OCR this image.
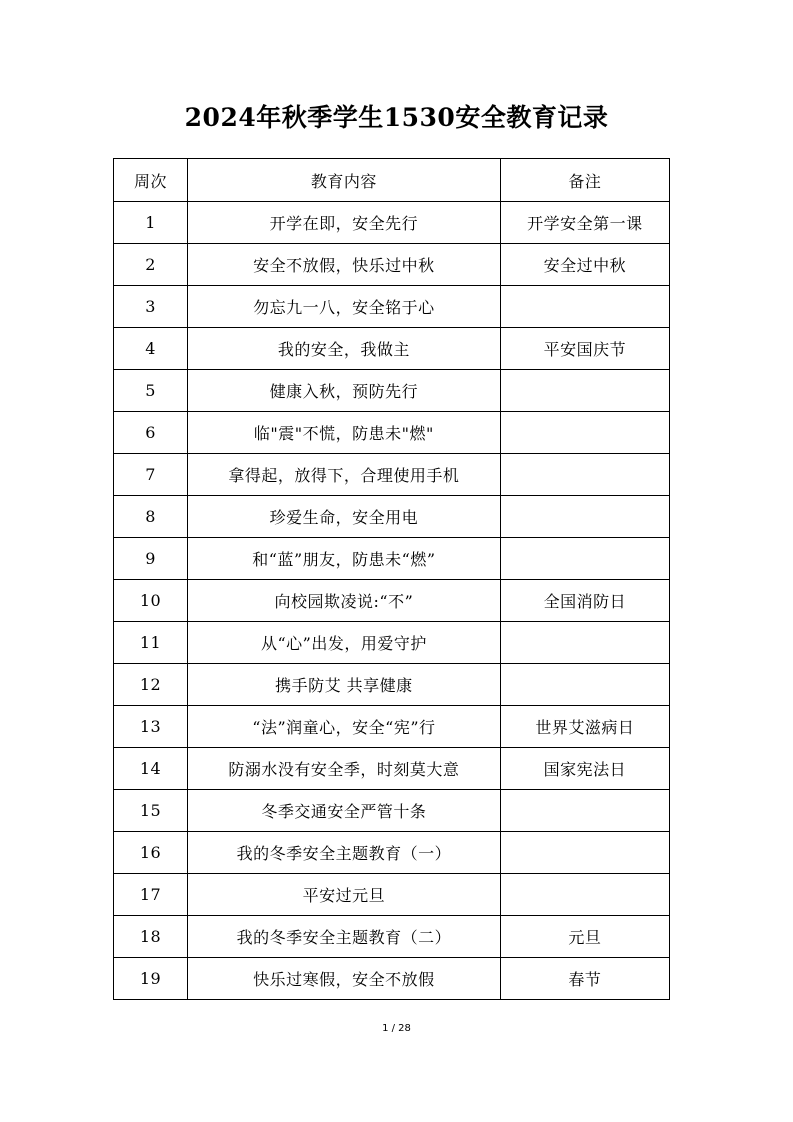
2024年秋季学生1530安全教育记录
周次	教育内容	备注
1	开学在即，安全先行	开学安全第一课
2	安全不放假，快乐过中秋	安全过中秋
3	勿忘九一八，安全铭于心	
4	我的安全，我做主	平安国庆节
5	健康入秋，预防先行	
6	临"震"不慌，防患未"燃"	
7	拿得起，放得下，合理使用手机	
8	珍爱生命，安全用电	
9	和“蓝”朋友，防患未“燃”	
10	向校园欺凌说:“不”	全国消防日
11	从“心”出发，用爱守护	
12	携手防艾 共享健康	
13	“法”润童心，安全“宪”行	世界艾滋病日
14	防溺水没有安全季，时刻莫大意	国家宪法日
15	冬季交通安全严管十条	
16	我的冬季安全主题教育（一）	
17	平安过元旦	
18	我的冬季安全主题教育（二）	元旦
19	快乐过寒假，安全不放假	春节
1 / 28
